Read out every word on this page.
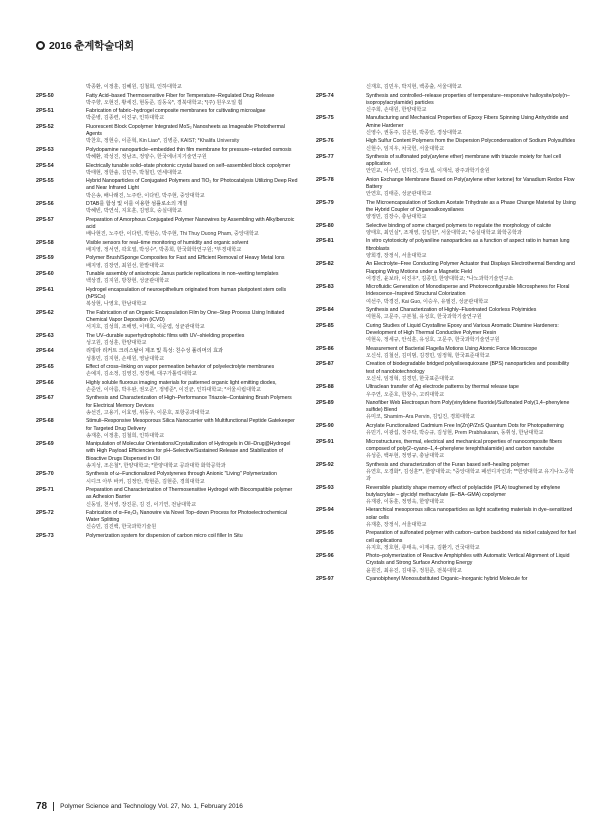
2016 춘계학술대회
박종환, 이정훈, 김혜원, 김철희, 인하대학교
2PS-50	Fatty Acid–based Thermosensitive Fiber for Temperature–Regulated Drug Release
박주향, 오현진, 황세진, 현동준, 김동욱*, 경북대학교; *(주) 원우오일 휨
2PS-51	Fabrication of fabric–hydrogel composite membranes for cultivating microalgae
박준병, 김종련, 이진규, 인하대학교
2PS-52	Fluorescent Block Copolymer Integrated MoS₂ Nanosheets as Imageable Photothermal Agents
박찬호, 정현승, 이준혁, Kin Liao*, 김병준, KAIST; *Khalifa University
2PS-53	Polydopamine nanoparticle–embedded thin film membrane for pressure–retarded osmosis
박혜환, 곽성진, 정남조, 정양수, 한국에너지기술연구원
2PS-54	Electrically tunable solid–state photonic crystal based on self–assembled block copolymer
박태현, 정한솔, 김민주, 박철민, 연세대학교
2PS-55	Hybrid Nanoparticles of Conjugated Polymers and TiO₂ for Photocatalysis Utilizing Deep Red and Near Infrared Light
박은송, 배나래진, 노주란, 이다빈, 박주현, 중앙대학교
2PS-56	DTAB를 합성 및 이를 이용한 섬률로소의 개질
박혜빈, 박연석, 지호훈, 김영호, 숭실대학교
2PS-57	Preparation of Amorphous Conjugated Polymer Nanowires by Assembling with Alkylbenzoic acid
배나현진, 노주란, 이다빈, 박현승, 박주현, Thi Thuy Duong Pham, 중앙대학교
2PS-58	Visible sensors for real–time monitoring of humidity and organic solvent
배지영, 정서연, 곽호열, 박성수*, 박종희, 한국화학연구원; *부경대학교
2PS-59	Polymer Brush/Sponge Composites for Fast and Efficient Removal of Heavy Metal Ions
배지영, 김장연, 최원선, 한밭대학교
2PS-60	Tunable assembly of anisotropic Janus particle replications in non–wetting templates
백상결, 김지원, 방창현, 성균관대학교
2PS-61	Hydrogel encapsulation of neuroepithelium originated from human pluripotent stem cells (hPSCs)
복상현, 나영호, 한남대학교
2PS-62	The Fabrication of an Organic Encapsulation Film by One–Step Process Using Initiated Chemical Vapor Deposition (iCVD)
서지호, 김성희, 조해영, 이태호, 이준엽, 성균관대학교
2PS-63	The UV–durable superhydrophobic films with UV–shielding properties
성고원, 김성훈, 한양대학교
2PS-64	리빙라 리커트 크리스탈이 제조 및 특성: 친수성 폴리머의 효과
성홍민, 김지현, 손태원, 영남대학교
2PS-65	Effect of cross–linking on vapor permeation behavior of polyelectrolyte membranes
손예지, 김소정, 김영진, 정경해, 대구가톨릭대학교
2PS-66	Highly soluble fluorous imaging materials for patterned organic light emitting diodes,
손준언, 이아름, 박우완, 권오준*, 정병준*, 이진균, 인하대학교; *서울시립대학교
2PS-67	Synthesis and Characterization of High–Performance Triazole–Containing Brush Polymers for Electrical Memory Devices
송선진, 고용기, 이효영, 위동우, 이문호, 포항공과대학교
2PS-68	Stimuli–Responsive Mesoporous Silica Nanocarrier with Multifunctional Peptide Gatekeeper for Targeted Drug Delivery
송재훈, 이정훈, 김철희, 인하대학교
2PS-69	Manipulation of Molecular Orientations/Crystallization of Hydrogels in Oil–Drug@Hydrogel with High Payload Efficiencies for pH–Selective/Sustained Release and Stabilization of Bioactive Drugs Dispersed in Oil
송지성, 조은철*, 한양대학교; *한양대학교 공과대학 화학공학과
2PS-70	Synthesis of ω–Functionalized Polystyrenes through Anionic "Living" Polymerization
시디크 아부 바커, 김정안, 박현준, 김현준, 경희대학교
2PS-71	Preparation and Characterization of Thermosensitive Hydrogel with Biocompatible polymer as Adhesion Barrier
신동일, 천서영, 장진문, 김 진, 이기연, 전남대학교
2PS-72	Fabrication of α–Fe₂O₃ Nanowire via Novel Top–down Process for Photoelectrochemical Water Splitting
신승민, 김진백, 한국과학기술원
2PS-73	Polymerization system for dispersion of carbon micro coil filler In Situ
신재호, 김민우, 박지현, 백종출, 서울대학교
2PS-74	Synthesis and controlled–release properties of temperature–responsive halloysite/poly(n–isopropylacrylamide) particles
신주희, 손대원, 한양대학교
2PS-75	Manufacturing and Mechanical Properties of Epoxy Fibers Spinning Using Anhydride and Amine Hardener
신영수, 권동주, 김은현, 박종만, 경상대학교
2PS-76	High Sulfur Content Polymers from the Dispersion Polycondensation of Sodium Polysulfides
신현수, 임지우, 차국헌, 서울대학교
2PS-77	Synthesis of sulfonated poly(arylene ether) membrane with triazole moiety for fuel cell application
안민교, 이수빈, 민하진, 장요셉, 이재석, 광주과학기술원
2PS-78	Anion Exchange Membrane Based on Poly(arylene ether ketone) for Vanadium Redox Flow Battery
안연호, 김태준, 성균관대학교
2PS-79	The Microencapsulation of Sodium Acetate Trihydrate as a Phase Change Material by Using the Hybrid Coupler of Organoalkoxysilanes
양정민, 김장수, 충남대학교
2PS-80	Selective binding of some charged polymers to regulate the morphology of calcite
양태호, 최인실*, 조재영, 김일원*, 서울대학교; *숭실대학교 화학공학과
2PS-81	In vitro cytotoxicity of polyaniline nanoparticles as a function of aspect ratio in human lung fibroblasts
양희경, 장정식, 서울대학교
2PS-82	An Electrolyte–Free Conducting Polymer Actuator that Displays Electrothermal Bending and Flapping Wing Motions under a Magnetic Field
어경진, 윤보라, 이진우*, 김종민, 한양대학교; *나노과학기술연구소
2PS-83	Microfluidic Generation of Monodisperse and Photoreconfigurable Microspheres for Floral Iridescence–Inspired Structural Colorization
여선주, 박경진, Kai Guo, 이승우, 유필진, 성균관대학교
2PS-84	Synthesis and Characterization of Highly–Fluorinated Colorless Polyimides
여현목, 고문주, 구본철, 유성호, 한국과학기술연구원
2PS-85	Curing Studies of Liquid Crystalline Epoxy and Various Aromatic Diamine Hardeners: Development of High Thermal Conductive Polymer Resin
여현욱, 정세규, 안석훈, 유성호, 고문주, 한국과학기술연구원
2PS-86	Measurement of Bacterial Flagella Motions Using Atomic Force Microscope
오신석, 김철선, 김미범, 김경민, 임정혁, 한국표준대학교
2PS-87	Creation of biodegradable bridged polysilsesquioxane (BPS) nanoparticles and possibility test of nanobiotechnology
오신석, 임정혁, 김경민, 한국표준대학교
2PS-88	Ultraclean transfer of Ag electrode patterns by thermal release tape
우주연, 오준호, 한창수, 고려대학교
2PS-89	Nanofiber Web Electrospun from Poly(vinylidene fluoride)/Sulfonated Poly(1,4–phenylene sulfide) Blend
유미코, Shamim–Ara Pervin, 김입진, 경희대학교
2PS-90	Acrylate Functionalized Cadmium Free In(Zn)P/ZnS Quantum Dots for Photopatterning
유민기, 이광섭, 정주탁, 박승규, 김성현, Prem Prabhakaran, 동휘성, 한남대학교
2PS-91	Microstructures, thermal, electrical and mechanical properties of nanocomposite fibers composed of poly(2–cyano–1,4–phenylene terephthalamide) and carbon nanotube
유성준, 백두현, 정영규, 충남대학교
2PS-92	Synthesis and characterization of the Furan based self–healing polymer
유연호, 오경화*, 김성훈**, 한양대학교; *중앙대학교 패션디자인과; **한양대학교 유기나노공학과
2PS-93	Reversible plasticity shape memory effect of polylactide (PLA) toughened by ethylene butylacrylate – glycidyl methacrylate (E–BA–GMA) copolymer
유재광, 이동훈, 정영욱, 한양대학교
2PS-94	Hierarchical mesoporous silica nanoparticles as light scattering materials in dye–sensitized solar cells
유재훈, 장정식, 서울대학교
2PS-95	Preparation of sulfonated polymer with carbon–carbon backbond via nickel catalyzed for fuel cell applications
유지호, 정호현, 류태욱, 이재규, 김환기, 건국대학교
2PS-96	Photo–polymerization of Reactive Amphiphiles with Automatic Vertical Alignment of Liquid Crystals and Strong Surface Anchoring Energy
윤원진, 최유진, 김대중, 정원준, 전북대학교
2PS-97	Cyanobiphenyl Monosubstituted Organic–Inorganic hybrid Molecule for
78 Polymer Science and Technology Vol. 27, No. 1, February 2016
